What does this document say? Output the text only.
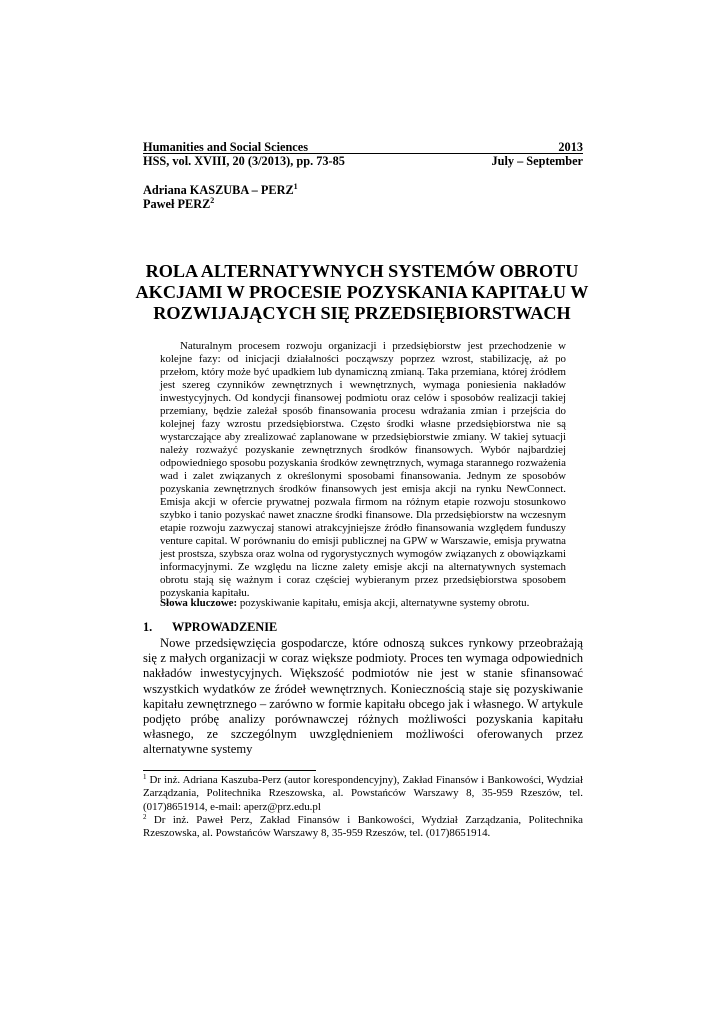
Humanities and Social Sciences	2013
HSS, vol. XVIII, 20 (3/2013), pp. 73-85	July – September
Adriana KASZUBA – PERZ$^1$
Paweł PERZ$^2$
ROLA ALTERNATYWNYCH SYSTEMÓW OBROTU
AKCJAMI W PROCESIE POZYSKANIA KAPITAŁU W
ROZWIJAJĄCYCH SIĘ PRZEDSIĘBIORSTWACH
Naturalnym procesem rozwoju organizacji i przedsiębiorstw jest przechodzenie w kolejne fazy: od inicjacji działalności począwszy poprzez wzrost, stabilizację, aż po przełom, który może być upadkiem lub dynamiczną zmianą. Taka przemiana, której źródłem jest szereg czynników zewnętrznych i wewnętrznych, wymaga poniesienia nakładów inwestycyjnych. Od kondycji finansowej podmiotu oraz celów i sposobów realizacji takiej przemiany, będzie zależał sposób finansowania procesu wdrażania zmian i przejścia do kolejnej fazy wzrostu przedsiębiorstwa. Często środki własne przedsiębiorstwa nie są wystarczające aby zrealizować zaplanowane w przedsiębiorstwie zmiany. W takiej sytuacji należy rozważyć pozyskanie zewnętrznych środków finansowych. Wybór najbardziej odpowiedniego sposobu pozyskania środków zewnętrznych, wymaga starannego rozważenia wad i zalet związanych z określonymi sposobami finansowania. Jednym ze sposobów pozyskania zewnętrznych środków finansowych jest emisja akcji na rynku NewConnect. Emisja akcji w ofercie prywatnej pozwala firmom na różnym etapie rozwoju stosunkowo szybko i tanio pozyskać nawet znaczne środki finansowe. Dla przedsiębiorstw na wczesnym etapie rozwoju zazwyczaj stanowi atrakcyjniejsze źródło finansowania względem funduszy venture capital. W porównaniu do emisji publicznej na GPW w Warszawie, emisja prywatna jest prostsza, szybsza oraz wolna od rygorystycznych wymogów związanych z obowiązkami informacyjnymi. Ze względu na liczne zalety emisje akcji na alternatywnych systemach obrotu stają się ważnym i coraz częściej wybieranym przez przedsiębiorstwa sposobem pozyskania kapitału.
Słowa kluczowe: pozyskiwanie kapitału, emisja akcji, alternatywne systemy obrotu.
1. WPROWADZENIE
Nowe przedsięwzięcia gospodarcze, które odnoszą sukces rynkowy przeobrażają się z małych organizacji w coraz większe podmioty. Proces ten wymaga odpowiednich nakładów inwestycyjnych. Większość podmiotów nie jest w stanie sfinansować wszystkich wydatków ze źródeł wewnętrznych. Koniecznością staje się pozyskiwanie kapitału zewnętrznego – zarówno w formie kapitału obcego jak i własnego. W artykule podjęto próbę analizy porównawczej różnych możliwości pozyskania kapitału własnego, ze szczególnym uwzględnieniem możliwości oferowanych przez alternatywne systemy

$^1$ Dr inż. Adriana Kaszuba-Perz (autor korespondencyjny), Zakład Finansów i Bankowości, Wydział Zarządzania, Politechnika Rzeszowska, al. Powstańców Warszawy 8, 35-959 Rzeszów, tel. (017)8651914, e-mail: aperz@prz.edu.pl

$^2$ Dr inż. Paweł Perz, Zakład Finansów i Bankowości, Wydział Zarządzania, Politechnika Rzeszowska, al. Powstańców Warszawy 8, 35-959 Rzeszów, tel. (017)8651914.
